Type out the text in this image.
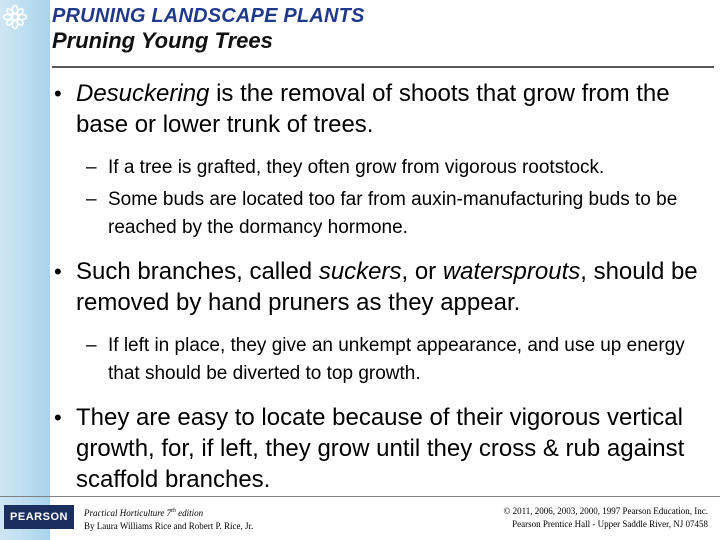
PRUNING LANDSCAPE PLANTS
Pruning Young Trees
• Desuckering is the removal of shoots that grow from the base or lower trunk of trees.
– If a tree is grafted, they often grow from vigorous rootstock.
– Some buds are located too far from auxin-manufacturing buds to be reached by the dormancy hormone.
• Such branches, called suckers, or watersprouts, should be removed by hand pruners as they appear.
– If left in place, they give an unkempt appearance, and use up energy that should be diverted to top growth.
• They are easy to locate because of their vigorous vertical growth, for, if left, they grow until they cross & rub against scaffold branches.
PEARSON	Practical Horticulture 7th edition
By Laura Williams Rice and Robert P. Rice, Jr.
© 2011, 2006, 2003, 2000, 1997 Pearson Education, Inc.
Pearson Prentice Hall - Upper Saddle River, NJ 07458
